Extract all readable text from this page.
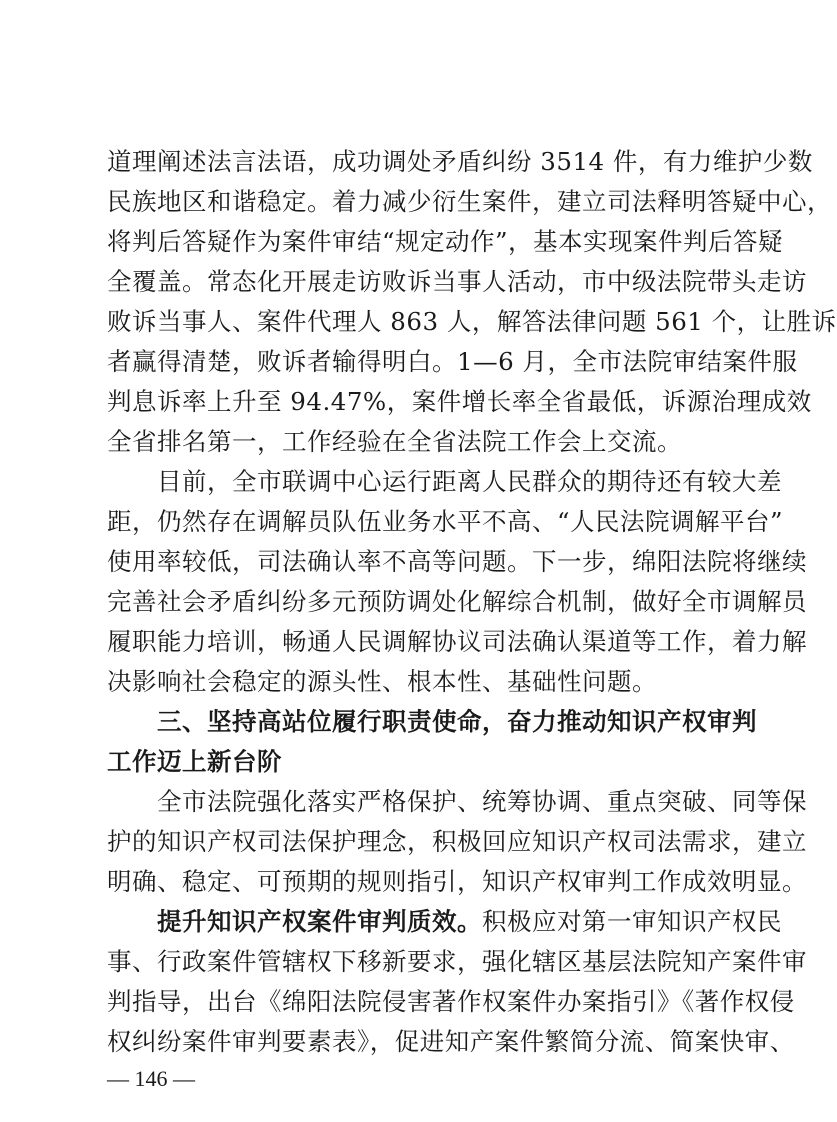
道理阐述法言法语，成功调处矛盾纠纷 3514 件，有力维护少数
民族地区和谐稳定。着力减少衍生案件，建立司法释明答疑中心，
将判后答疑作为案件审结“规定动作”，基本实现案件判后答疑
全覆盖。常态化开展走访败诉当事人活动，市中级法院带头走访
败诉当事人、案件代理人 863 人，解答法律问题 561 个，让胜诉
者赢得清楚，败诉者输得明白。1—6 月，全市法院审结案件服
判息诉率上升至 94.47%，案件增长率全省最低，诉源治理成效
全省排名第一，工作经验在全省法院工作会上交流。
　　目前，全市联调中心运行距离人民群众的期待还有较大差
距，仍然存在调解员队伍业务水平不高、“人民法院调解平台”
使用率较低，司法确认率不高等问题。下一步，绵阳法院将继续
完善社会矛盾纠纷多元预防调处化解综合机制，做好全市调解员
履职能力培训，畅通人民调解协议司法确认渠道等工作，着力解
决影响社会稳定的源头性、根本性、基础性问题。
　　三、坚持高站位履行职责使命，奋力推动知识产权审判
工作迈上新台阶
　　全市法院强化落实严格保护、统筹协调、重点突破、同等保
护的知识产权司法保护理念，积极回应知识产权司法需求，建立
明确、稳定、可预期的规则指引，知识产权审判工作成效明显。
　　提升知识产权案件审判质效。积极应对第一审知识产权民
事、行政案件管辖权下移新要求，强化辖区基层法院知产案件审
判指导，出台《绵阳法院侵害著作权案件办案指引》《著作权侵
权纠纷案件审判要素表》，促进知产案件繁简分流、简案快审、
— 146 —
